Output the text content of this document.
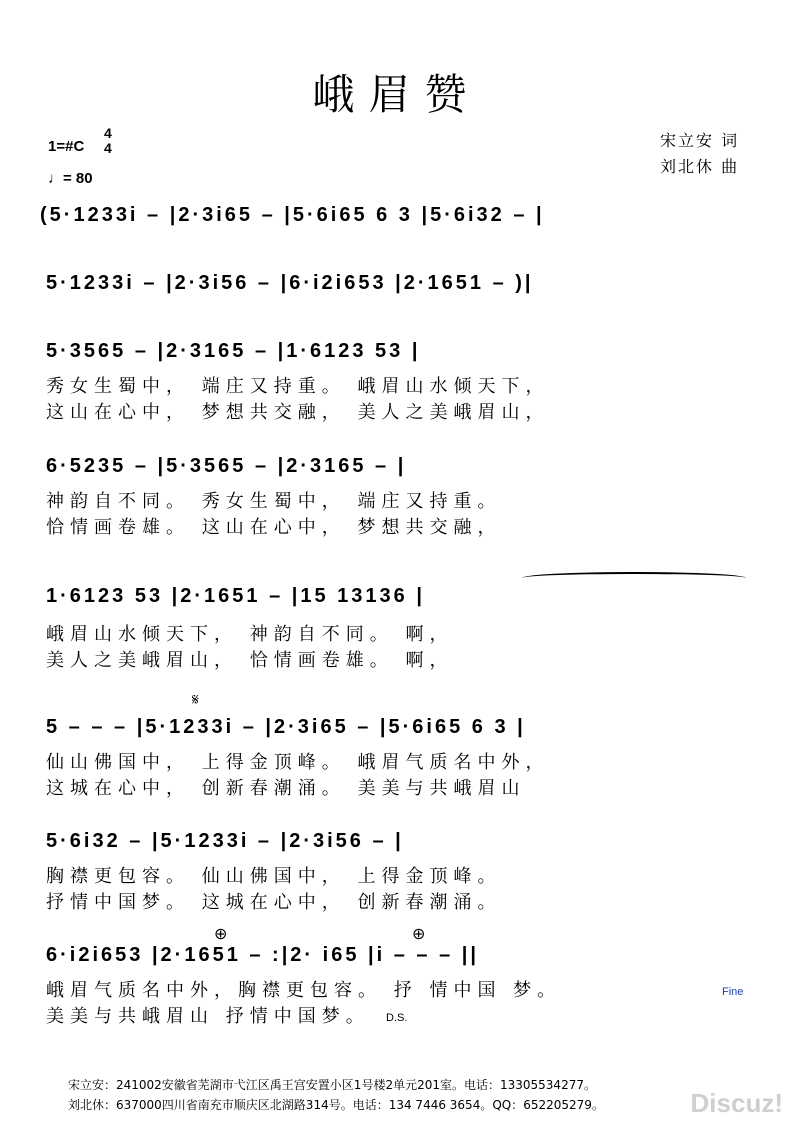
峨眉赞
1=#C
4
4
♩= 80
宋立安 词
刘北休 曲
(5·1233i – |2·3i65 – |5·6i65 6 3 |5·6i32 – |
5·1233i – |2·3i56 – |6·i2i653 |2·1651 – )|
5·3565 – |2·3165 – |1·6123 53 |
秀女生蜀中， 端庄又持重。 峨眉山水倾天下，
这山在心中， 梦想共交融， 美人之美峨眉山，
6·5235 – |5·3565 – |2·3165 – |
神韵自不同。 秀女生蜀中， 端庄又持重。
恰情画卷雄。 这山在心中， 梦想共交融，
1·6123 53 |2·1651 – |15 13136 |
峨眉山水倾天下， 神韵自不同。 啊，
美人之美峨眉山， 恰情画卷雄。 啊，
𝄋
5 – – – |5·1233i – |2·3i65 – |5·6i65 6 3 |
仙山佛国中， 上得金顶峰。 峨眉气质名中外，
这城在心中， 创新春潮涌。 美美与共峨眉山
5·6i32 – |5·1233i – |2·3i56 – |
胸襟更包容。 仙山佛国中， 上得金顶峰。
抒情中国梦。 这城在心中， 创新春潮涌。
⊕	⊕
6·i2i653 |2·1651 – :|2· i65 |i – – – ||
峨眉气质名中外，胸襟更包容。 抒 情中国 梦。
美美与共峨眉山 抒情中国梦。
Fine
D.S.
宋立安：241002安徽省芜湖市弋江区禹王宫安置小区1号楼2单元201室。电话：13305534277。
刘北休：637000四川省南充市顺庆区北湖路314号。电话：134 7446 3654。QQ：652205279。	Discuz!
